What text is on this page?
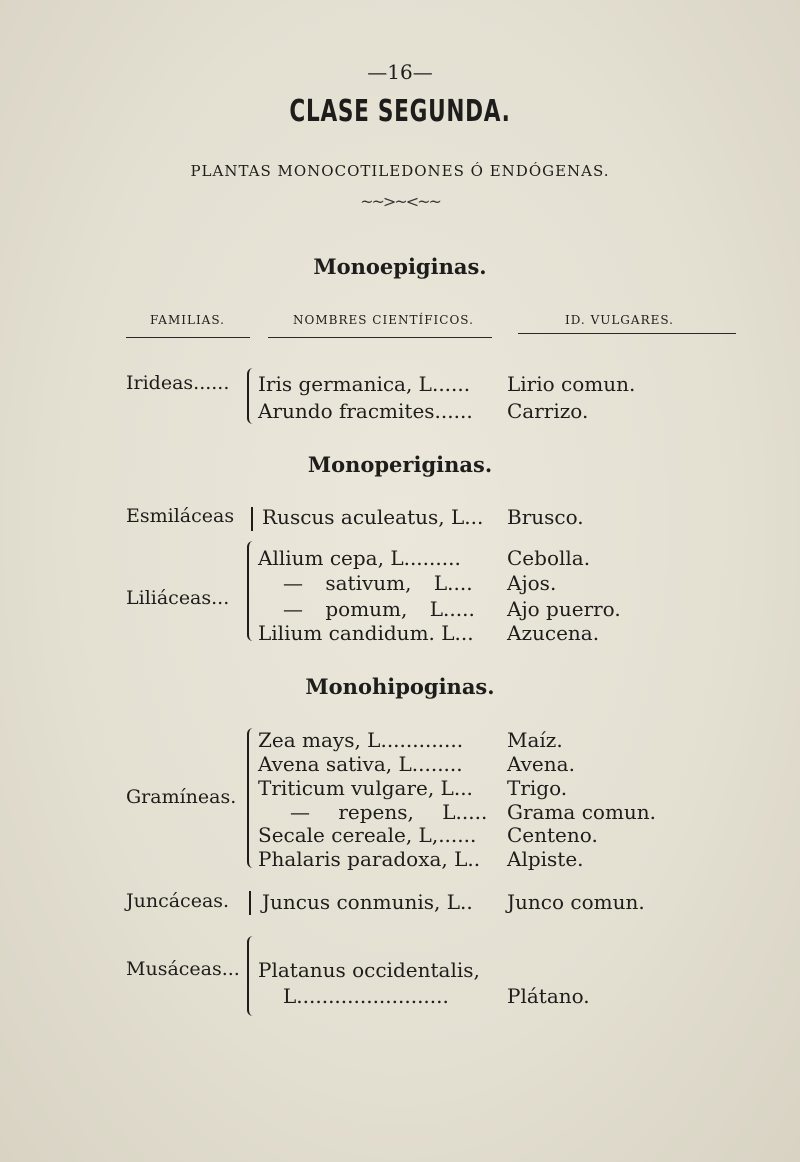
—16—
CLASE SEGUNDA.
PLANTAS MONOCOTILEDONES Ó ENDÓGENAS.
~~>~<~~
Monoepiginas.
FAMILIAS.	NOMBRES CIENTÍFICOS.	ID. VULGARES.
Irideas...... Iris germanica, L...... Lirio comun.
Arundo fracmites...... Carrizo.
Monoperiginas.
Esmiláceas Ruscus aculeatus, L... Brusco.
Liliáceas...
Allium cepa, L......... Cebolla.
— sativum, L.... Ajos.
— pomum, L..... Ajo puerro.
Lilium candidum. L... Azucena.
Monohipoginas.
Gramíneas.
Zea mays, L............. Maíz.
Avena sativa, L........ Avena.
Triticum vulgare, L... Trigo.
— repens, L..... Grama comun.
Secale cereale, L,...... Centeno.
Phalaris paradoxa, L.. Alpiste.
Juncáceas. Juncus conmunis, L.. Junco comun.
Musáceas... Platanus occidentalis,
L........................	Plátano.
